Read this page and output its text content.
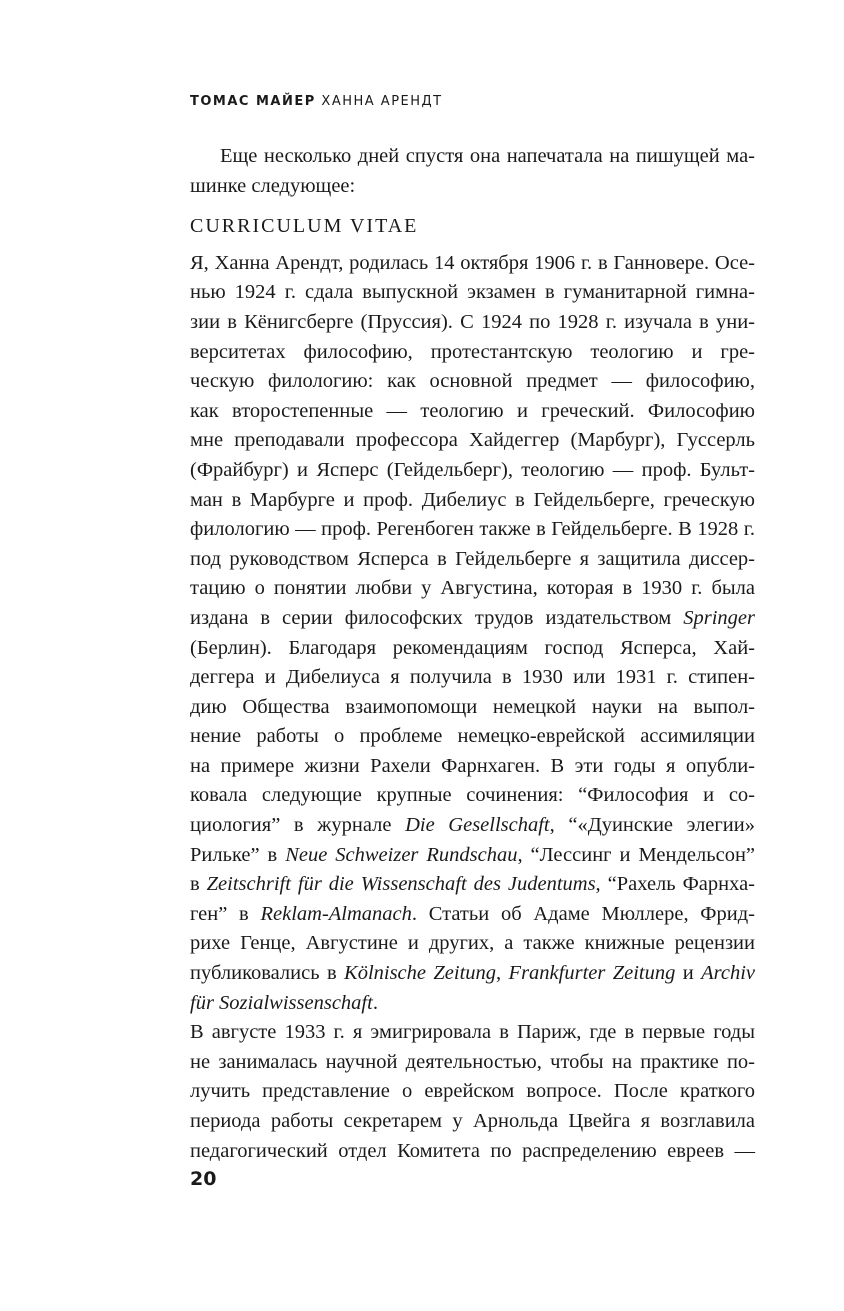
ТОМАС МАЙЕР ХАННА АРЕНДТ
Еще несколько дней спустя она напечатала на пишущей ма-
шинке следующее:
CURRICULUM VITAE
Я, Ханна Арендт, родилась 14 октября 1906 г. в Ганновере. Осе-
нью 1924 г. сдала выпускной экзамен в гуманитарной гимна-
зии в Кёнигсберге (Пруссия). С 1924 по 1928 г. изучала в уни-
верситетах философию, протестантскую теологию и гре-
ческую филологию: как основной предмет — философию,
как второстепенные — теологию и греческий. Философию
мне преподавали профессора Хайдеггер (Марбург), Гуссерль
(Фрайбург) и Ясперс (Гейдельберг), теологию — проф. Бульт-
ман в Марбурге и проф. Дибелиус в Гейдельберге, греческую
филологию — проф. Регенбоген также в Гейдельберге. В 1928 г.
под руководством Ясперса в Гейдельберге я защитила диссер-
тацию о понятии любви у Августина, которая в 1930 г. была
издана в серии философских трудов издательством Springer
(Берлин). Благодаря рекомендациям господ Ясперса, Хай-
деггера и Дибелиуса я получила в 1930 или 1931 г. стипен-
дию Общества взаимопомощи немецкой науки на выпол-
нение работы о проблеме немецко-еврейской ассимиляции
на примере жизни Рахели Фарнхаген. В эти годы я опубли-
ковала следующие крупные сочинения: “Философия и со-
циология” в журнале Die Gesellschaft, “«Дуинские элегии»
Рильке” в Neue Schweizer Rundschau, “Лессинг и Мендельсон”
в Zeitschrift für die Wissenschaft des Judentums, “Рахель Фарнха-
ген” в Reklam-Almanach. Статьи об Адаме Мюллере, Фрид-
рихе Генце, Августине и других, а также книжные рецензии
публиковались в Kölnische Zeitung, Frankfurter Zeitung и Archiv
für Sozialwissenschaft.
В августе 1933 г. я эмигрировала в Париж, где в первые годы
не занималась научной деятельностью, чтобы на практике по-
лучить представление о еврейском вопросе. После краткого
периода работы секретарем у Арнольда Цвейга я возглавила
педагогический отдел Комитета по распределению евреев —
20
